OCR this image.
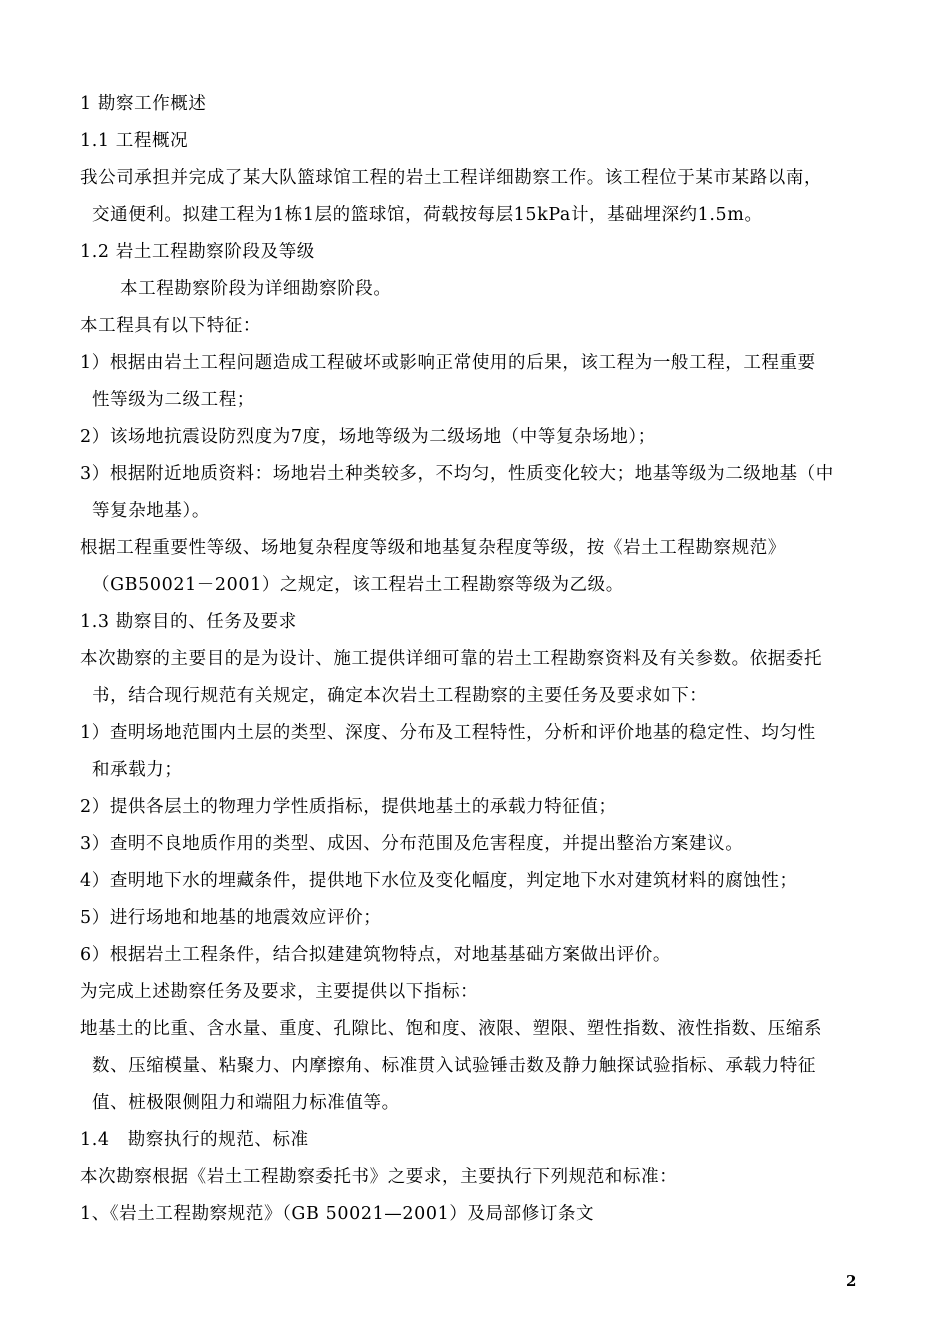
1 勘察工作概述
1.1 工程概况
我公司承担并完成了某大队篮球馆工程的岩土工程详细勘察工作。该工程位于某市某路以南，
交通便利。拟建工程为1栋1层的篮球馆，荷载按每层15kPa计，基础埋深约1.5m。
1.2 岩土工程勘察阶段及等级
本工程勘察阶段为详细勘察阶段。
本工程具有以下特征：
1）根据由岩土工程问题造成工程破坏或影响正常使用的后果，该工程为一般工程，工程重要
性等级为二级工程；
2）该场地抗震设防烈度为7度，场地等级为二级场地（中等复杂场地）；
3）根据附近地质资料：场地岩土种类较多，不均匀，性质变化较大；地基等级为二级地基（中
等复杂地基）。
根据工程重要性等级、场地复杂程度等级和地基复杂程度等级，按《岩土工程勘察规范》
（GB50021－2001）之规定，该工程岩土工程勘察等级为乙级。
1.3 勘察目的、任务及要求
本次勘察的主要目的是为设计、施工提供详细可靠的岩土工程勘察资料及有关参数。依据委托
书，结合现行规范有关规定，确定本次岩土工程勘察的主要任务及要求如下：
1）查明场地范围内土层的类型、深度、分布及工程特性，分析和评价地基的稳定性、均匀性
和承载力；
2）提供各层土的物理力学性质指标，提供地基土的承载力特征值；
3）查明不良地质作用的类型、成因、分布范围及危害程度，并提出整治方案建议。
4）查明地下水的埋藏条件，提供地下水位及变化幅度，判定地下水对建筑材料的腐蚀性；
5）进行场地和地基的地震效应评价；
6）根据岩土工程条件，结合拟建建筑物特点，对地基基础方案做出评价。
为完成上述勘察任务及要求，主要提供以下指标：
地基土的比重、含水量、重度、孔隙比、饱和度、液限、塑限、塑性指数、液性指数、压缩系
数、压缩模量、粘聚力、内摩擦角、标准贯入试验锤击数及静力触探试验指标、承载力特征
值、桩极限侧阻力和端阻力标准值等。
1.4　勘察执行的规范、标准
本次勘察根据《岩土工程勘察委托书》之要求，主要执行下列规范和标准：
1、《岩土工程勘察规范》（GB 50021—2001）及局部修订条文
2
